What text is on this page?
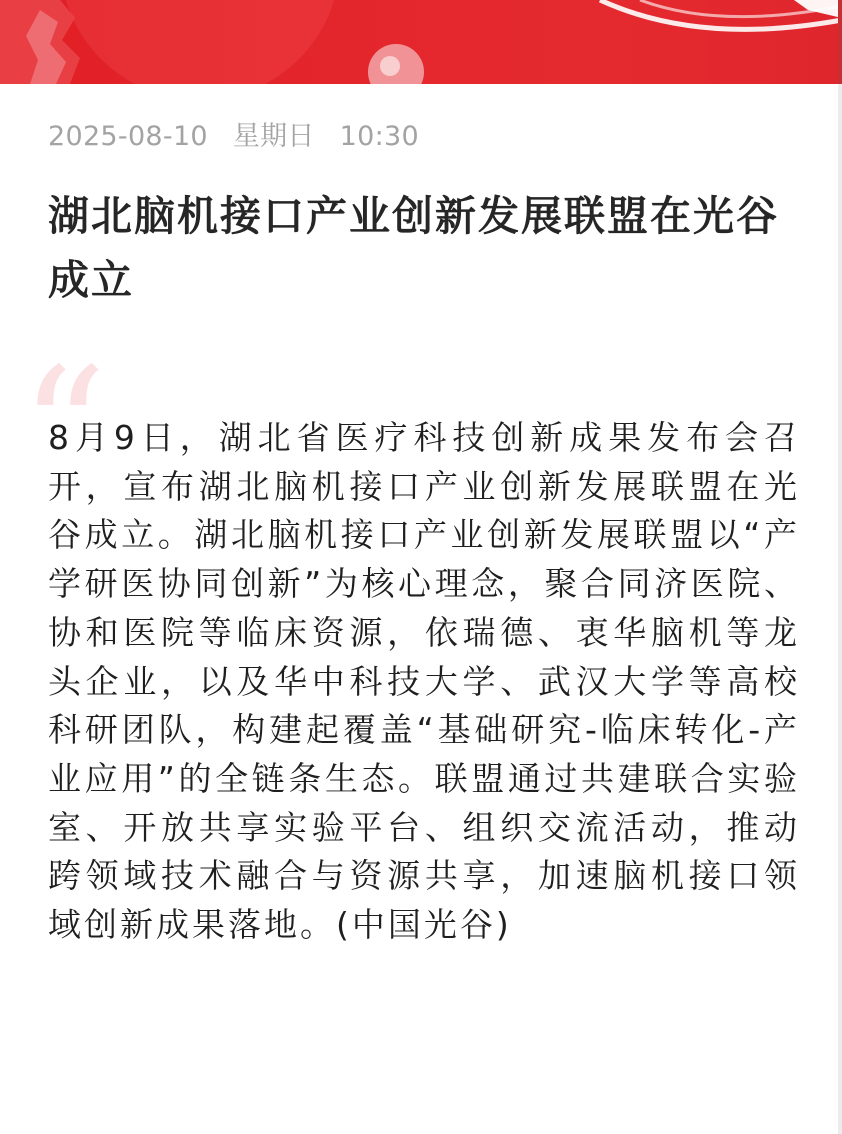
2025-08-10 星期日 10:30
湖北脑机接口产业创新发展联盟在光谷成立
“

8月9日，湖北省医疗科技创新成果发布会召开，宣布湖北脑机接口产业创新发展联盟在光谷成立。湖北脑机接口产业创新发展联盟以“产学研医协同创新”为核心理念，聚合同济医院、协和医院等临床资源，依瑞德、衷华脑机等龙头企业，以及华中科技大学、武汉大学等高校科研团队，构建起覆盖“基础研究-临床转化-产业应用”的全链条生态。联盟通过共建联合实验室、开放共享实验平台、组织交流活动，推动跨领域技术融合与资源共享，加速脑机接口领域创新成果落地。(中国光谷)
